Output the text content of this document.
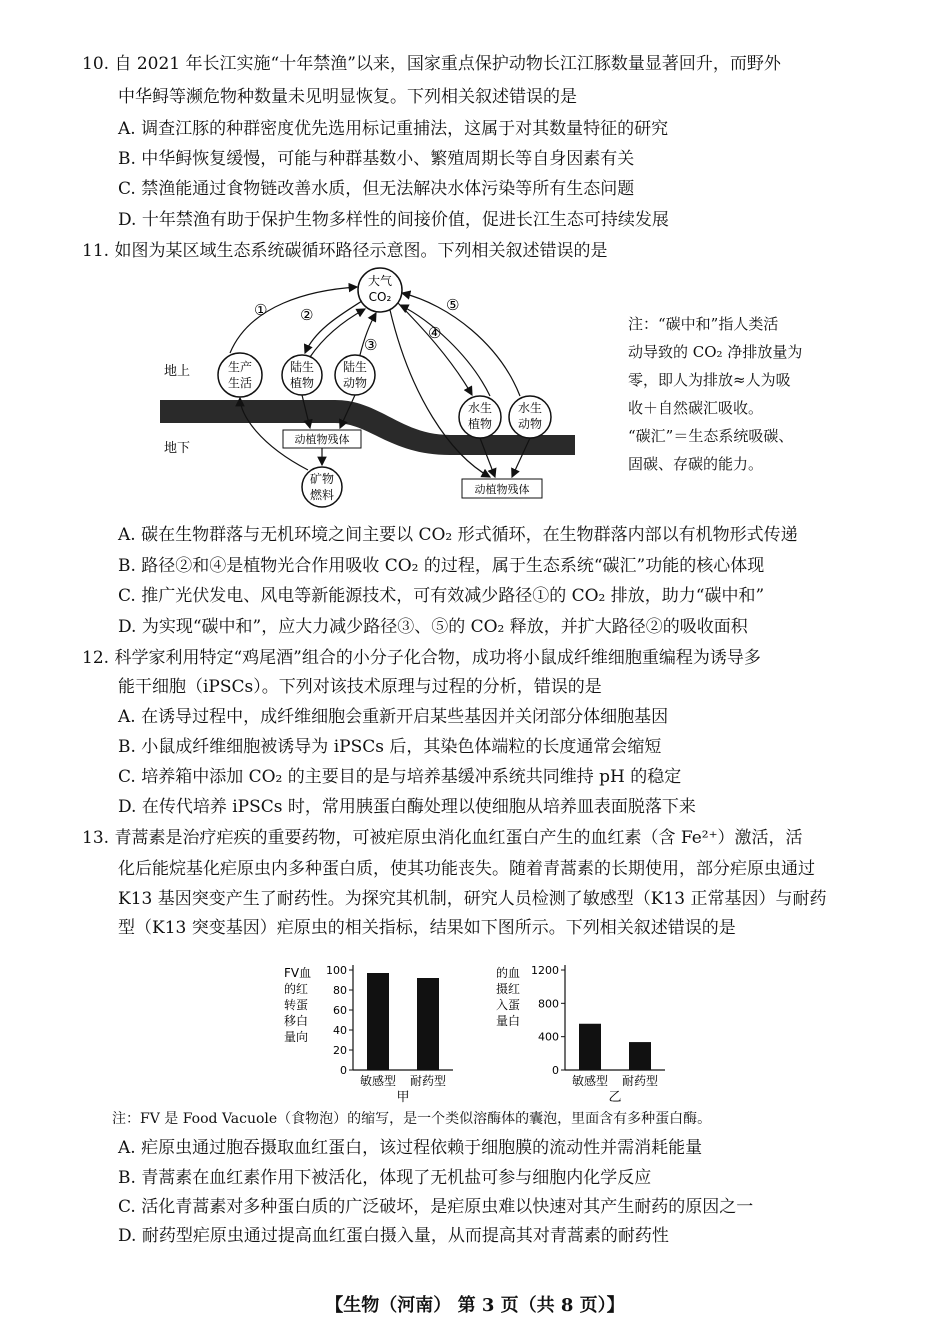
10. 自 2021 年长江实施“十年禁渔”以来，国家重点保护动物长江江豚数量显著回升，而野外
中华鲟等濒危物种数量未见明显恢复。下列相关叙述错误的是
A. 调查江豚的种群密度优先选用标记重捕法，这属于对其数量特征的研究
B. 中华鲟恢复缓慢，可能与种群基数小、繁殖周期长等自身因素有关
C. 禁渔能通过食物链改善水质，但无法解决水体污染等所有生态问题
D. 十年禁渔有助于保护生物多样性的间接价值，促进长江生态可持续发展
11. 如图为某区域生态系统碳循环路径示意图。下列相关叙述错误的是
大气
CO₂
生产
生活
陆生
植物
陆生
动物
水生
植物
水生
动物
矿物
燃料
动植物残体
动植物残体
地上
地下
① ②
③
④
⑤
注：“碳中和”指人类活
动导致的 CO₂ 净排放量为
零，即人为排放≈人为吸
收＋自然碳汇吸收。
“碳汇”＝生态系统吸碳、
固碳、存碳的能力。
A. 碳在生物群落与无机环境之间主要以 CO₂ 形式循环，在生物群落内部以有机物形式传递
B. 路径②和④是植物光合作用吸收 CO₂ 的过程，属于生态系统“碳汇”功能的核心体现
C. 推广光伏发电、风电等新能源技术，可有效减少路径①的 CO₂ 排放，助力“碳中和”
D. 为实现“碳中和”，应大力减少路径③、⑤的 CO₂ 释放，并扩大路径②的吸收面积
12. 科学家利用特定“鸡尾酒”组合的小分子化合物，成功将小鼠成纤维细胞重编程为诱导多
能干细胞（iPSCs）。下列对该技术原理与过程的分析，错误的是
A. 在诱导过程中，成纤维细胞会重新开启某些基因并关闭部分体细胞基因
B. 小鼠成纤维细胞被诱导为 iPSCs 后，其染色体端粒的长度通常会缩短
C. 培养箱中添加 CO₂ 的主要目的是与培养基缓冲系统共同维持 pH 的稳定
D. 在传代培养 iPSCs 时，常用胰蛋白酶处理以使细胞从培养皿表面脱落下来
13. 青蒿素是治疗疟疾的重要药物，可被疟原虫消化血红蛋白产生的血红素（含 Fe²⁺）激活，活
化后能烷基化疟原虫内多种蛋白质，使其功能丧失。随着青蒿素的长期使用，部分疟原虫通过
K13 基因突变产生了耐药性。为探究其机制，研究人员检测了敏感型（K13 正常基因）与耐药
型（K13 突变基因）疟原虫的相关指标，结果如下图所示。下列相关叙述错误的是
FV血
的红
转蛋
移白
量向
0
20
40
60
80
100
敏感型 耐药型
甲
的血
摄红
入蛋
量白
0
400
800
1200
敏感型 耐药型
乙
注：FV 是 Food Vacuole（食物泡）的缩写，是一个类似溶酶体的囊泡，里面含有多种蛋白酶。
A. 疟原虫通过胞吞摄取血红蛋白，该过程依赖于细胞膜的流动性并需消耗能量
B. 青蒿素在血红素作用下被活化，体现了无机盐可参与细胞内化学反应
C. 活化青蒿素对多种蛋白质的广泛破坏，是疟原虫难以快速对其产生耐药的原因之一
D. 耐药型疟原虫通过提高血红蛋白摄入量，从而提高其对青蒿素的耐药性
【生物（河南） 第 3 页（共 8 页）】
